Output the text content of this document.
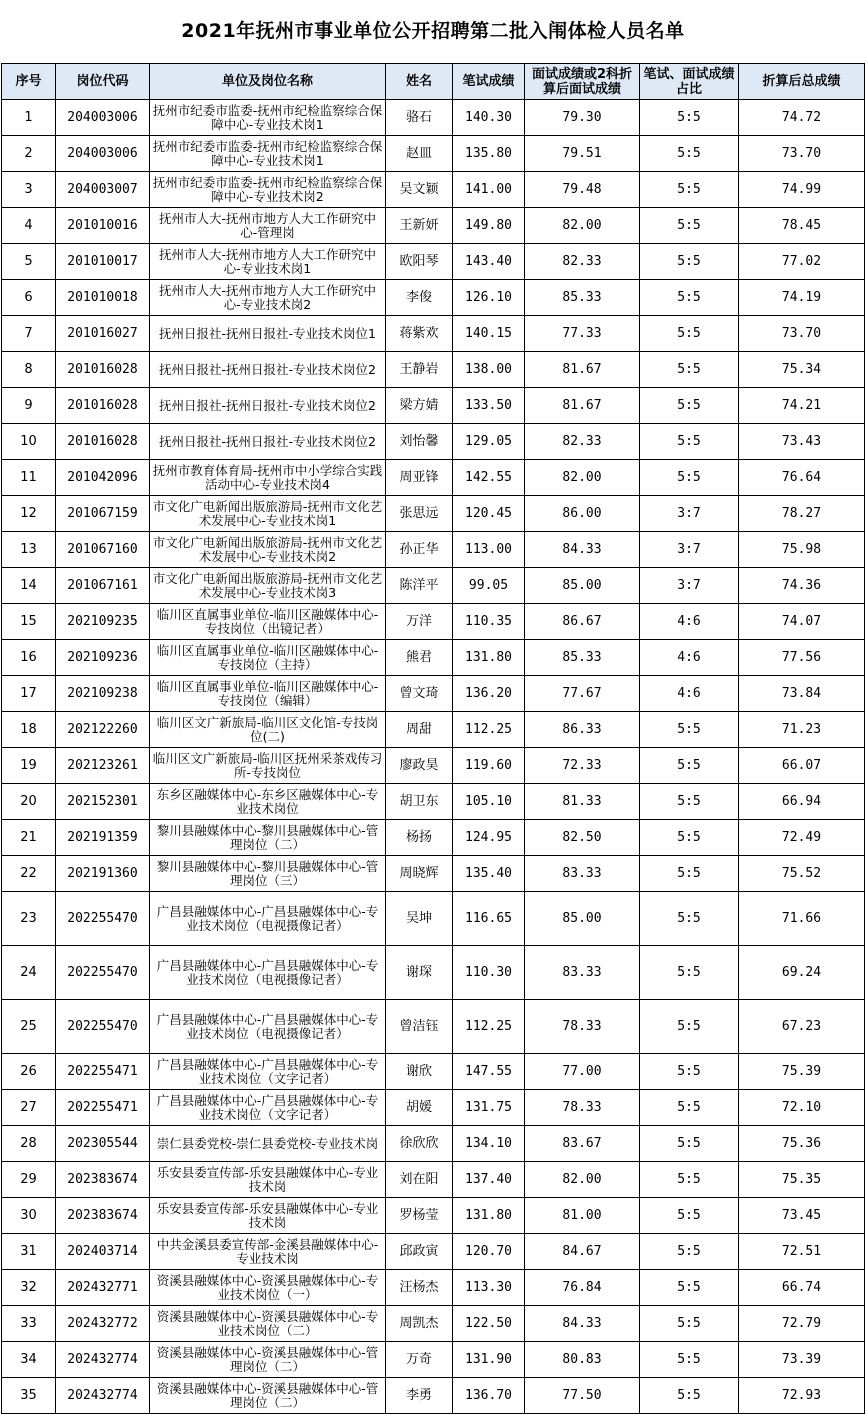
2021年抚州市事业单位公开招聘第二批入闱体检人员名单
序号	岗位代码	单位及岗位名称	姓名	笔试成绩	面试成绩或2科折算后面试成绩	笔试、面试成绩占比	折算后总成绩
1	204003006	抚州市纪委市监委-抚州市纪检监察综合保障中心-专业技术岗1	骆石	140.30	79.30	5:5	74.72
2	204003006	抚州市纪委市监委-抚州市纪检监察综合保障中心-专业技术岗1	赵皿	135.80	79.51	5:5	73.70
3	204003007	抚州市纪委市监委-抚州市纪检监察综合保障中心-专业技术岗2	吴文颖	141.00	79.48	5:5	74.99
4	201010016	抚州市人大-抚州市地方人大工作研究中心-管理岗	王新妍	149.80	82.00	5:5	78.45
5	201010017	抚州市人大-抚州市地方人大工作研究中心-专业技术岗1	欧阳琴	143.40	82.33	5:5	77.02
6	201010018	抚州市人大-抚州市地方人大工作研究中心-专业技术岗2	李俊	126.10	85.33	5:5	74.19
7	201016027	抚州日报社-抚州日报社-专业技术岗位1	蒋紫欢	140.15	77.33	5:5	73.70
8	201016028	抚州日报社-抚州日报社-专业技术岗位2	王静岩	138.00	81.67	5:5	75.34
9	201016028	抚州日报社-抚州日报社-专业技术岗位2	梁方婧	133.50	81.67	5:5	74.21
10	201016028	抚州日报社-抚州日报社-专业技术岗位2	刘怡馨	129.05	82.33	5:5	73.43
11	201042096	抚州市教育体育局-抚州市中小学综合实践活动中心-专业技术岗4	周亚锋	142.55	82.00	5:5	76.64
12	201067159	市文化广电新闻出版旅游局-抚州市文化艺术发展中心-专业技术岗1	张思远	120.45	86.00	3:7	78.27
13	201067160	市文化广电新闻出版旅游局-抚州市文化艺术发展中心-专业技术岗2	孙正华	113.00	84.33	3:7	75.98
14	201067161	市文化广电新闻出版旅游局-抚州市文化艺术发展中心-专业技术岗3	陈洋平	99.05	85.00	3:7	74.36
15	202109235	临川区直属事业单位-临川区融媒体中心-专技岗位（出镜记者）	万洋	110.35	86.67	4:6	74.07
16	202109236	临川区直属事业单位-临川区融媒体中心-专技岗位（主持）	熊君	131.80	85.33	4:6	77.56
17	202109238	临川区直属事业单位-临川区融媒体中心-专技岗位（编辑）	曾文琦	136.20	77.67	4:6	73.84
18	202122260	临川区文广新旅局-临川区文化馆-专技岗位(二)	周甜	112.25	86.33	5:5	71.23
19	202123261	临川区文广新旅局-临川区抚州采茶戏传习所-专技岗位	廖政昊	119.60	72.33	5:5	66.07
20	202152301	东乡区融媒体中心-东乡区融媒体中心-专业技术岗位	胡卫东	105.10	81.33	5:5	66.94
21	202191359	黎川县融媒体中心-黎川县融媒体中心-管理岗位（二）	杨扬	124.95	82.50	5:5	72.49
22	202191360	黎川县融媒体中心-黎川县融媒体中心-管理岗位（三）	周晓辉	135.40	83.33	5:5	75.52
23	202255470	广昌县融媒体中心-广昌县融媒体中心-专业技术岗位（电视摄像记者）	吴坤	116.65	85.00	5:5	71.66
24	202255470	广昌县融媒体中心-广昌县融媒体中心-专业技术岗位（电视摄像记者）	谢琛	110.30	83.33	5:5	69.24
25	202255470	广昌县融媒体中心-广昌县融媒体中心-专业技术岗位（电视摄像记者）	曾洁钰	112.25	78.33	5:5	67.23
26	202255471	广昌县融媒体中心-广昌县融媒体中心-专业技术岗位（文字记者）	谢欣	147.55	77.00	5:5	75.39
27	202255471	广昌县融媒体中心-广昌县融媒体中心-专业技术岗位（文字记者）	胡媛	131.75	78.33	5:5	72.10
28	202305544	崇仁县委党校-崇仁县委党校-专业技术岗	徐欣欣	134.10	83.67	5:5	75.36
29	202383674	乐安县委宣传部-乐安县融媒体中心-专业技术岗	刘在阳	137.40	82.00	5:5	75.35
30	202383674	乐安县委宣传部-乐安县融媒体中心-专业技术岗	罗杨莹	131.80	81.00	5:5	73.45
31	202403714	中共金溪县委宣传部-金溪县融媒体中心-专业技术岗	邱政寅	120.70	84.67	5:5	72.51
32	202432771	资溪县融媒体中心-资溪县融媒体中心-专业技术岗位（一）	汪杨杰	113.30	76.84	5:5	66.74
33	202432772	资溪县融媒体中心-资溪县融媒体中心-专业技术岗位（二）	周凯杰	122.50	84.33	5:5	72.79
34	202432774	资溪县融媒体中心-资溪县融媒体中心-管理岗位（二）	万奇	131.90	80.83	5:5	73.39
35	202432774	资溪县融媒体中心-资溪县融媒体中心-管理岗位（二）	李勇	136.70	77.50	5:5	72.93
